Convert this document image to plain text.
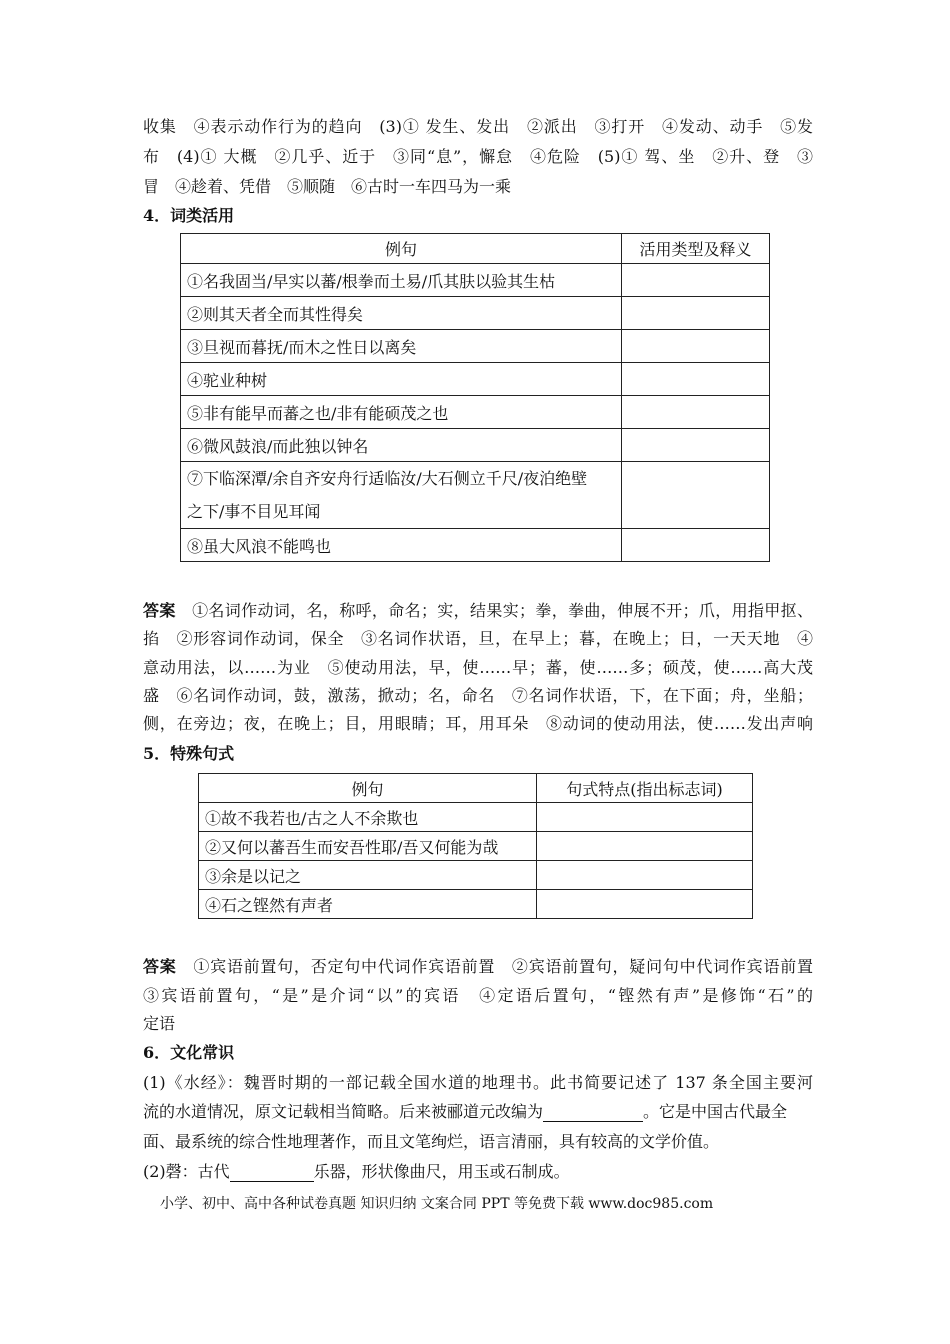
收集　④表示动作行为的趋向　(3)① 发生、发出　②派出　③打开　④发动、动手　⑤发
布　(4)① 大概　②几乎、近于　③同“息”，懈怠　④危险　(5)① 驾、坐　②升、登　③
冒　④趁着、凭借　⑤顺随　⑥古时一车四马为一乘
4．词类活用
例句	活用类型及释义
①名我固当/早实以蕃/根拳而土易/爪其肤以验其生枯	
②则其天者全而其性得矣	
③旦视而暮抚/而木之性日以离矣	
④驼业种树	
⑤非有能早而蕃之也/非有能硕茂之也	
⑥微风鼓浪/而此独以钟名	
⑦下临深潭/余自齐安舟行适临汝/大石侧立千尺/夜泊绝壁
之下/事不目见耳闻	
⑧虽大风浪不能鸣也	
答案　 ①名词作动词，名，称呼，命名；实，结果实；拳，拳曲，伸展不开；爪，用指甲抠、
掐　②形容词作动词，保全　③名词作状语，旦，在早上；暮，在晚上；日，一天天地　④
意动用法，以……为业　⑤使动用法，早，使……早；蕃，使……多；硕茂，使……高大茂
盛　⑥名词作动词，鼓，激荡，掀动；名，命名　⑦名词作状语，下，在下面；舟，坐船；
侧，在旁边；夜，在晚上；目，用眼睛；耳，用耳朵　⑧动词的使动用法，使……发出声响
5．特殊句式
例句	句式特点(指出标志词)
①故不我若也/古之人不余欺也	
②又何以蕃吾生而安吾性耶/吾又何能为哉	
③余是以记之	
④石之铿然有声者	
答案　 ①宾语前置句，否定句中代词作宾语前置　②宾语前置句，疑问句中代词作宾语前置
③宾语前置句，“是”是介词“以”的宾语　④定语后置句，“铿然有声”是修饰“石”的
定语
6．文化常识
(1)《水经》：魏晋时期的一部记载全国水道的地理书。此书简要记述了 137 条全国主要河
流的水道情况，原文记载相当简略。后来被郦道元改编为	。它是中国古代最全
面、最系统的综合性地理著作，而且文笔绚烂，语言清丽，具有较高的文学价值。
(2)磬：古代	乐器，形状像曲尺，用玉或石制成。
小学、初中、高中各种试卷真题 知识归纳 文案合同 PPT 等免费下载 www.doc985.com
